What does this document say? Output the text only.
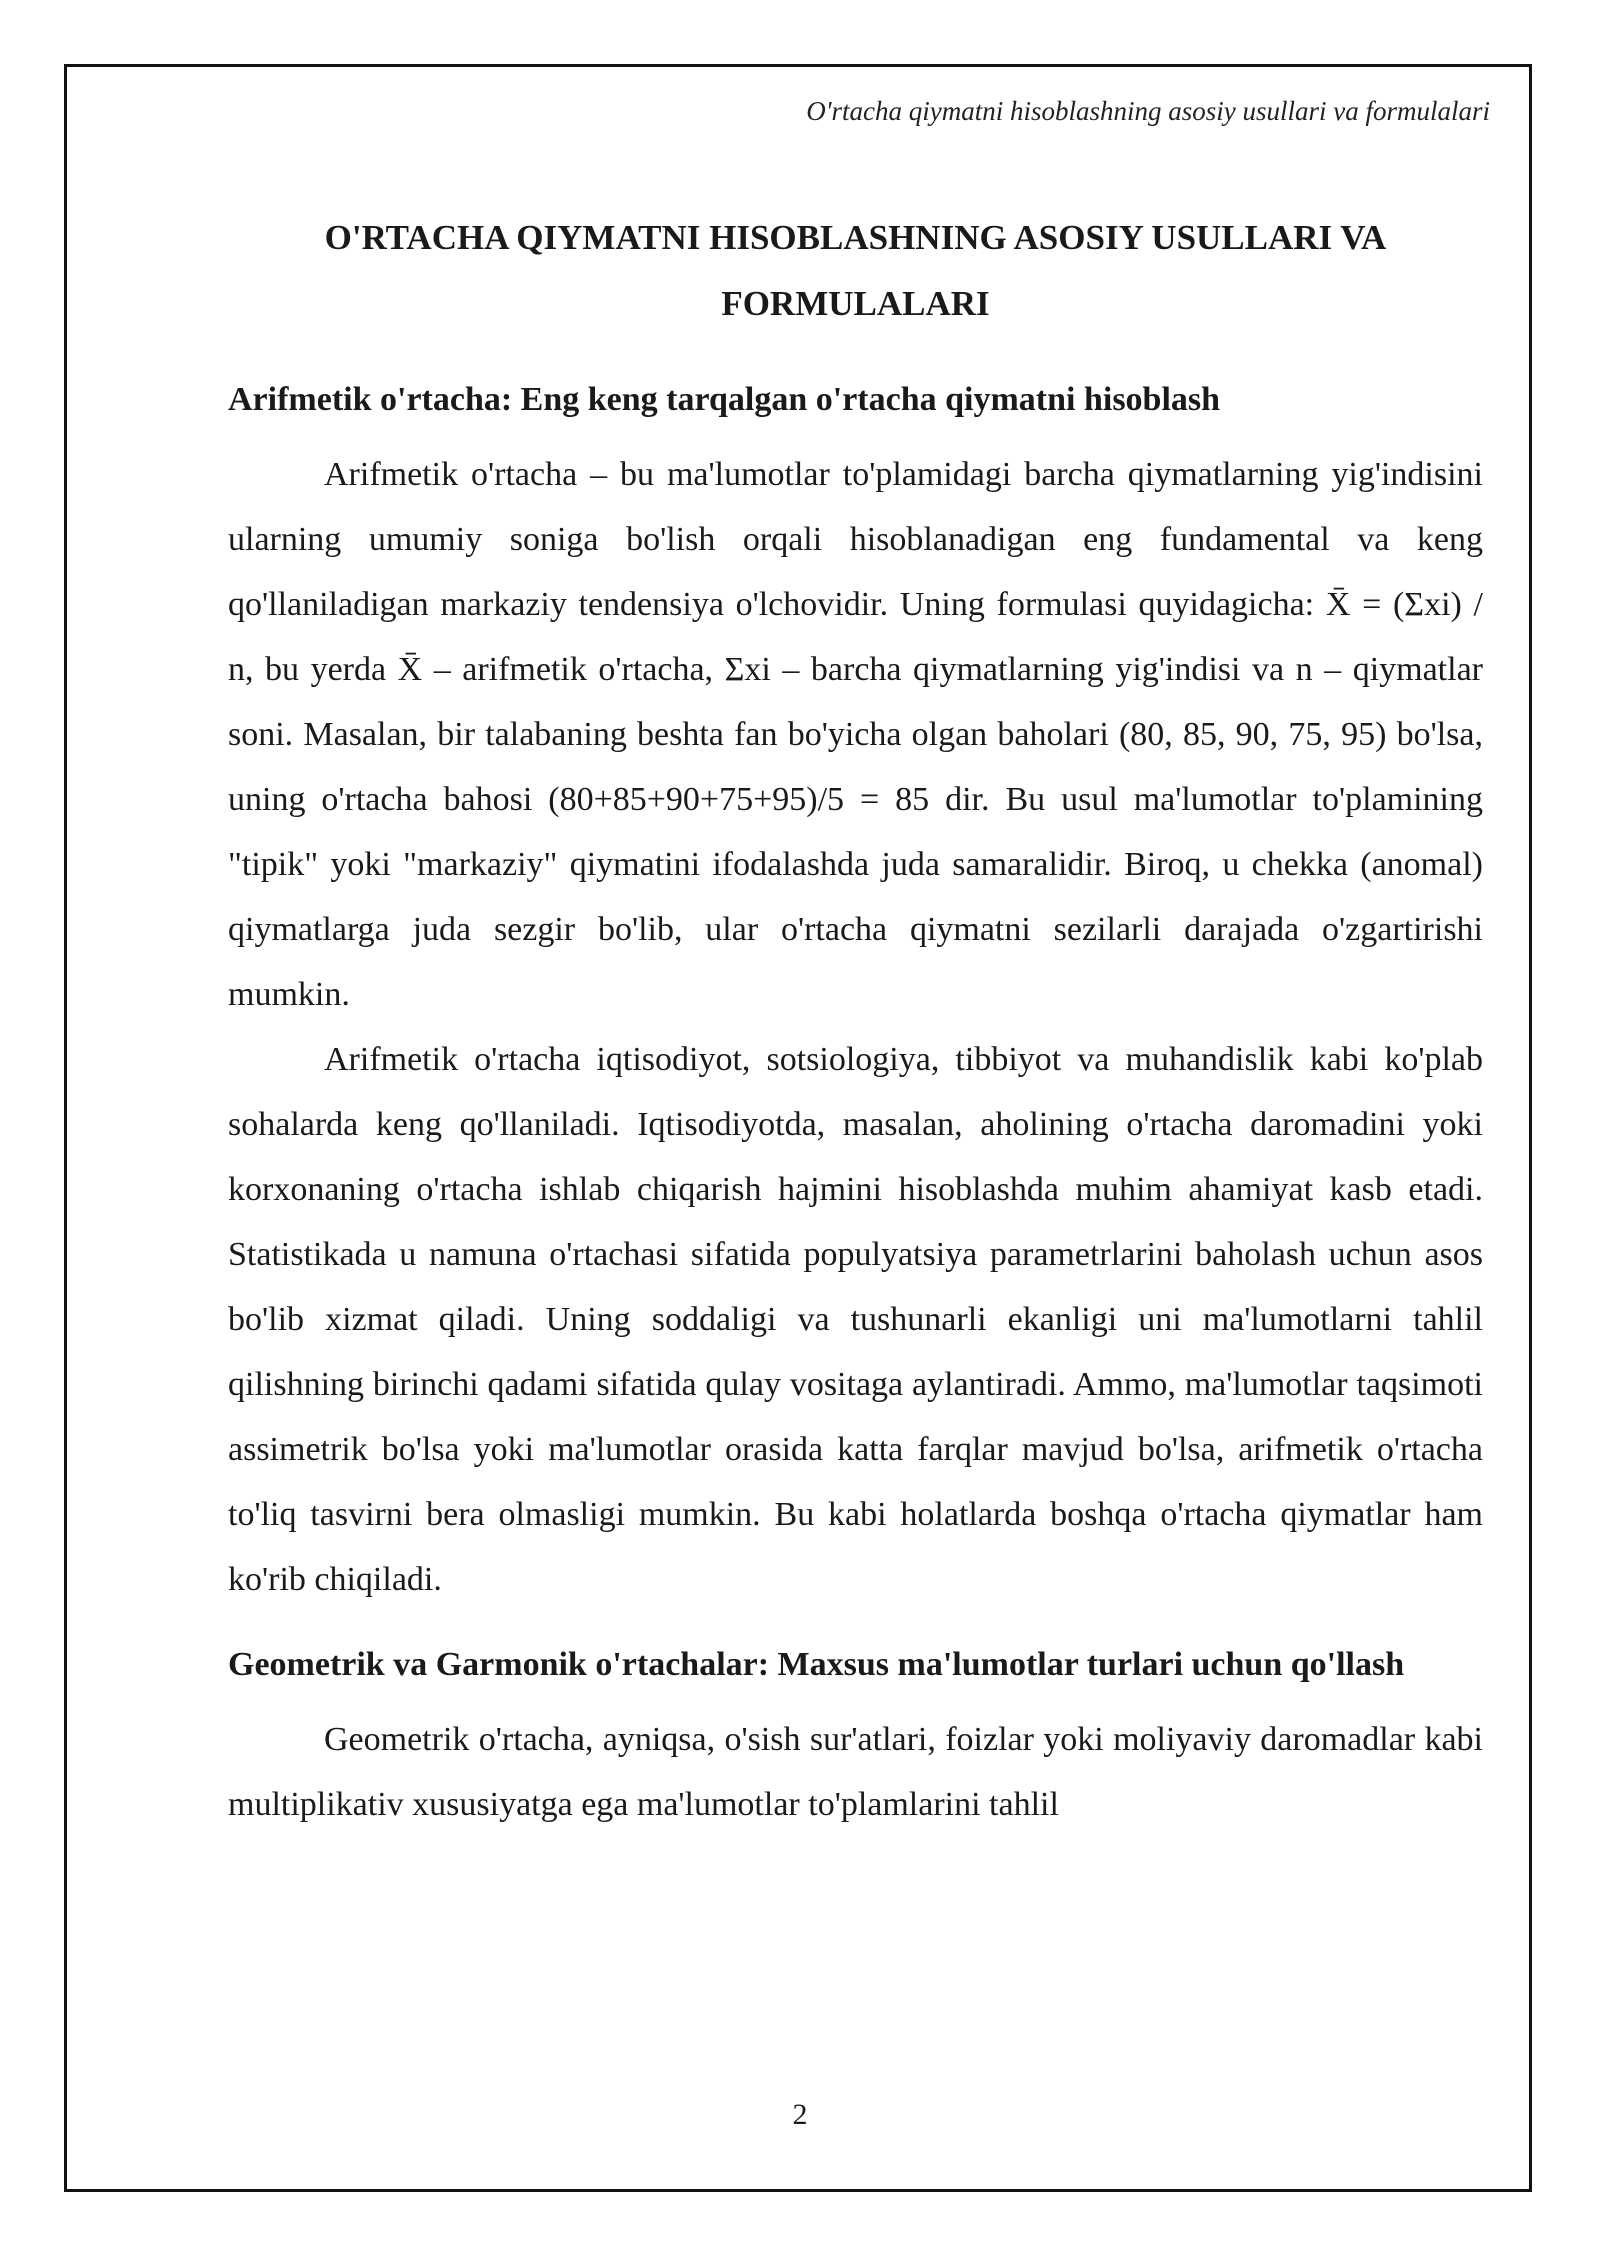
O'rtacha qiymatni hisoblashning asosiy usullari va formulalari
O'RTACHA QIYMATNI HISOBLASHNING ASOSIY USULLARI VA FORMULALARI
Arifmetik o'rtacha: Eng keng tarqalgan o'rtacha qiymatni hisoblash

Arifmetik o'rtacha – bu ma'lumotlar to'plamidagi barcha qiymatlarning yig'indisini ularning umumiy soniga bo'lish orqali hisoblanadigan eng fundamental va keng qo'llaniladigan markaziy tendensiya o'lchovidir. Uning formulasi quyidagicha: X̄ = (Σxi) / n, bu yerda X̄ – arifmetik o'rtacha, Σxi – barcha qiymatlarning yig'indisi va n – qiymatlar soni. Masalan, bir talabaning beshta fan bo'yicha olgan baholari (80, 85, 90, 75, 95) bo'lsa, uning o'rtacha bahosi (80+85+90+75+95)/5 = 85 dir. Bu usul ma'lumotlar to'plamining "tipik" yoki "markaziy" qiymatini ifodalashda juda samaralidir. Biroq, u chekka (anomal) qiymatlarga juda sezgir bo'lib, ular o'rtacha qiymatni sezilarli darajada o'zgartirishi mumkin.

Arifmetik o'rtacha iqtisodiyot, sotsiologiya, tibbiyot va muhandislik kabi ko'plab sohalarda keng qo'llaniladi. Iqtisodiyotda, masalan, aholining o'rtacha daromadini yoki korxonaning o'rtacha ishlab chiqarish hajmini hisoblashda muhim ahamiyat kasb etadi. Statistikada u namuna o'rtachasi sifatida populyatsiya parametrlarini baholash uchun asos bo'lib xizmat qiladi. Uning soddaligi va tushunarli ekanligi uni ma'lumotlarni tahlil qilishning birinchi qadami sifatida qulay vositaga aylantiradi. Ammo, ma'lumotlar taqsimoti assimetrik bo'lsa yoki ma'lumotlar orasida katta farqlar mavjud bo'lsa, arifmetik o'rtacha to'liq tasvirni bera olmasligi mumkin. Bu kabi holatlarda boshqa o'rtacha qiymatlar ham ko'rib chiqiladi.

Geometrik va Garmonik o'rtachalar: Maxsus ma'lumotlar turlari uchun qo'llash

Geometrik o'rtacha, ayniqsa, o'sish sur'atlari, foizlar yoki moliyaviy daromadlar kabi multiplikativ xususiyatga ega ma'lumotlar to'plamlarini tahlil

2
